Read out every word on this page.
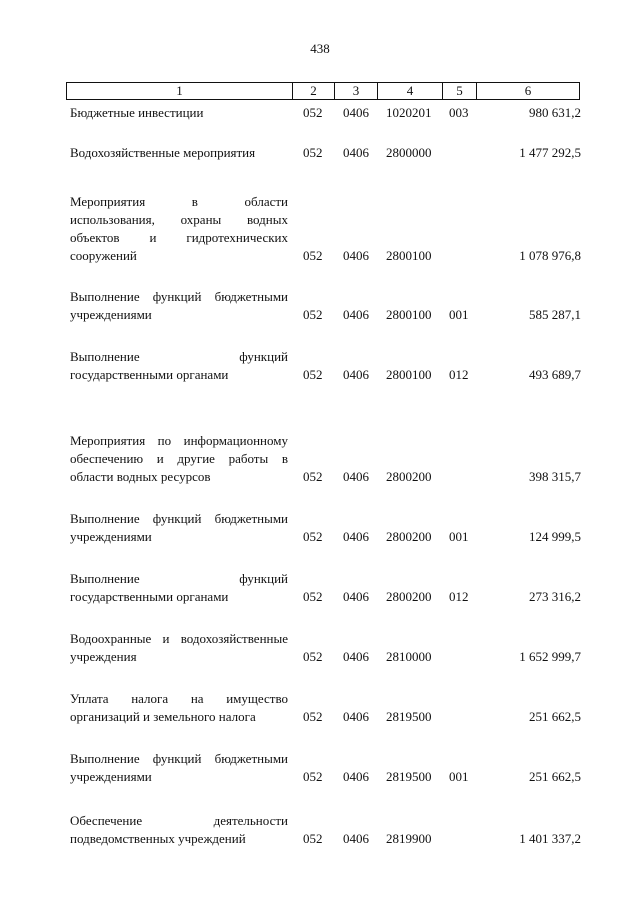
438
1	2	3	4	5	6
Бюджетные инвестиции	052 0406 1020201 003	980 631,2
Водохозяйственные мероприятия	052 0406 2800000	1 477 292,5
Мероприятия в области использования, охраны водных объектов и гидротехнических сооружений	052 0406 2800100	1 078 976,8
Выполнение функций бюджетными учреждениями	052 0406 2800100 001	585 287,1
Выполнение функций государственными органами	052 0406 2800100 012	493 689,7
Мероприятия по информационному обеспечению и другие работы в области водных ресурсов	052 0406 2800200	398 315,7
Выполнение функций бюджетными учреждениями	052 0406 2800200 001	124 999,5
Выполнение функций государственными органами	052 0406 2800200 012	273 316,2
Водоохранные и водохозяйственные учреждения	052 0406 2810000	1 652 999,7
Уплата налога на имущество организаций и земельного налога	052 0406 2819500	251 662,5
Выполнение функций бюджетными учреждениями	052 0406 2819500 001	251 662,5
Обеспечение деятельности подведомственных учреждений	052 0406 2819900	1 401 337,2
